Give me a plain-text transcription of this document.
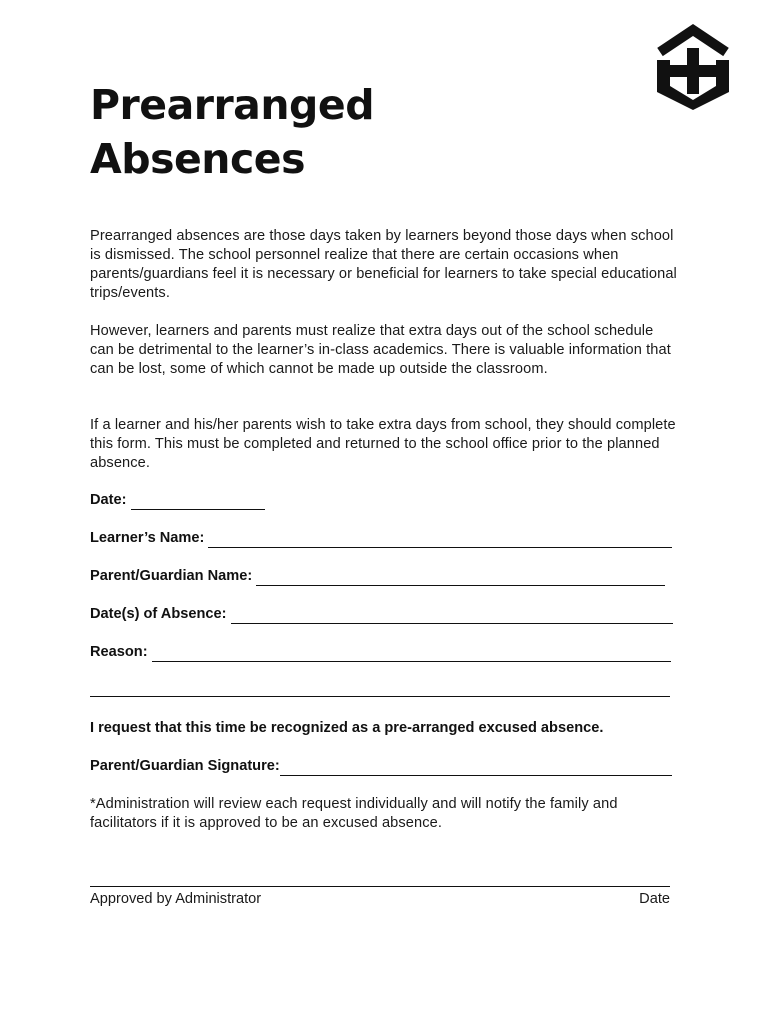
Prearranged
Absences

Prearranged absences are those days taken by learners beyond those days when school is dismissed. The school personnel realize that there are certain occasions when parents/guardians feel it is necessary or beneficial for learners to take special educational trips/events.

However, learners and parents must realize that extra days out of the school schedule can be detrimental to the learner’s in-class academics. There is valuable information that can be lost, some of which cannot be made up outside the classroom.

If a learner and his/her parents wish to take extra days from school, they should complete this form. This must be completed and returned to the school office prior to the planned absence.

Date:
Learner’s Name:
Parent/Guardian Name:
Date(s) of Absence:
Reason:

I request that this time be recognized as a pre-arranged excused absence.

Parent/Guardian Signature:

*Administration will review each request individually and will notify the family and facilitators if it is approved to be an excused absence.

Approved by Administrator	Date
